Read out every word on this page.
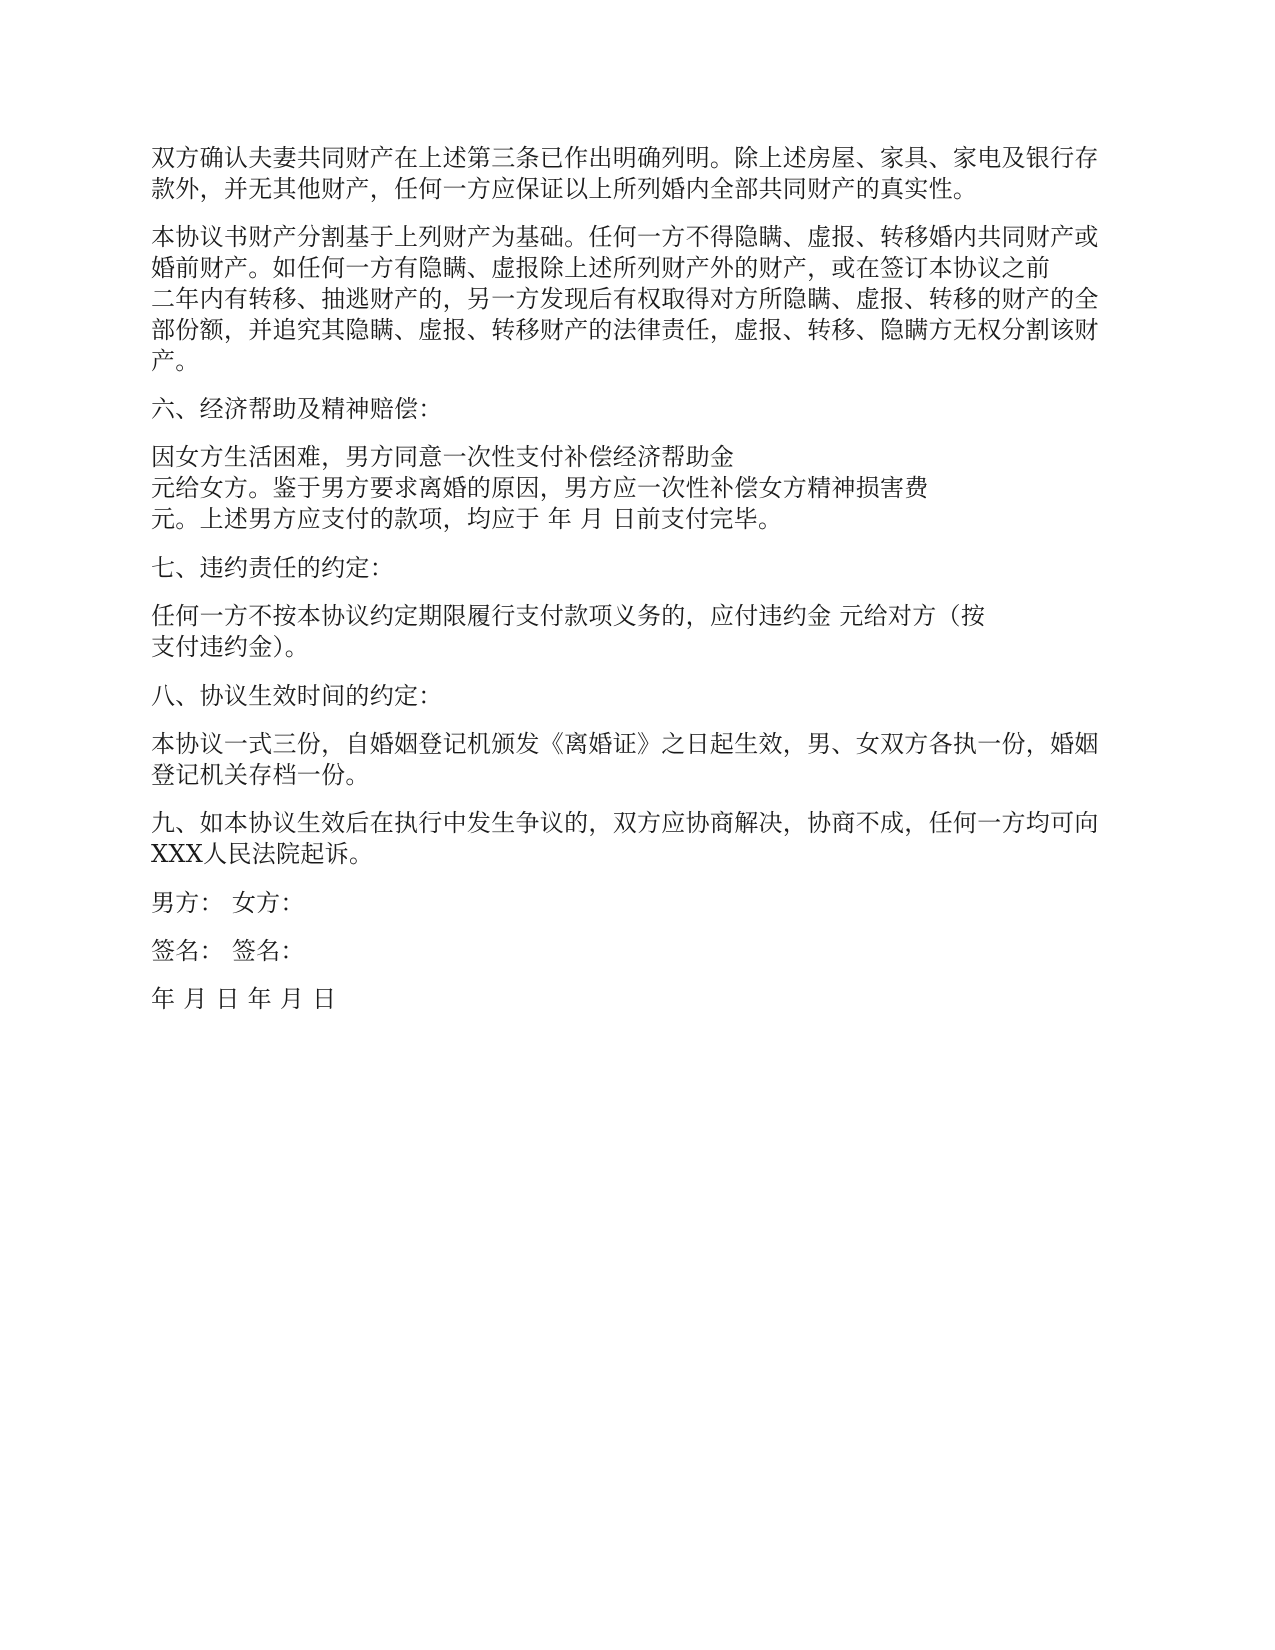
双方确认夫妻共同财产在上述第三条已作出明确列明。除上述房屋、家具、家电及银行存
款外，并无其他财产，任何一方应保证以上所列婚内全部共同财产的真实性。
本协议书财产分割基于上列财产为基础。任何一方不得隐瞒、虚报、转移婚内共同财产或
婚前财产。如任何一方有隐瞒、虚报除上述所列财产外的财产，或在签订本协议之前
二年内有转移、抽逃财产的，另一方发现后有权取得对方所隐瞒、虚报、转移的财产的全
部份额，并追究其隐瞒、虚报、转移财产的法律责任，虚报、转移、隐瞒方无权分割该财
产。
六、经济帮助及精神赔偿：
因女方生活困难，男方同意一次性支付补偿经济帮助金
元给女方。鉴于男方要求离婚的原因，男方应一次性补偿女方精神损害费
元。上述男方应支付的款项，均应于 年 月 日前支付完毕。
七、违约责任的约定：
任何一方不按本协议约定期限履行支付款项义务的，应付违约金 元给对方（按
支付违约金）。
八、协议生效时间的约定：
本协议一式三份，自婚姻登记机颁发《离婚证》之日起生效，男、女双方各执一份，婚姻
登记机关存档一份。
九、如本协议生效后在执行中发生争议的，双方应协商解决，协商不成，任何一方均可向
XXX人民法院起诉。
男方： 女方：
签名： 签名：
年 月 日 年 月 日
